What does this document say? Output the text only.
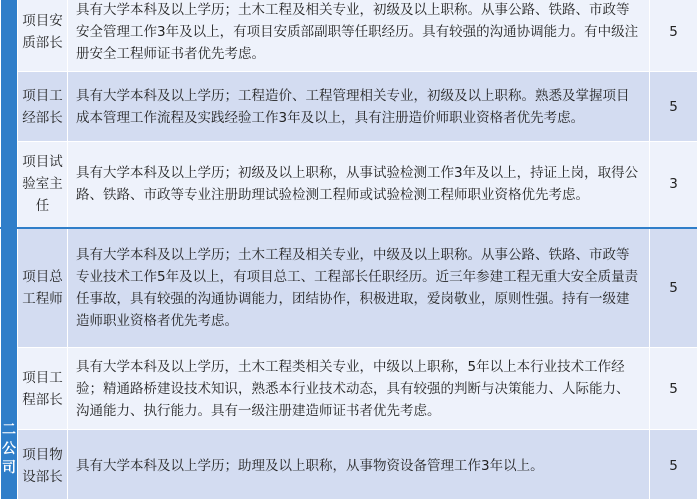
	项目安质部长	具有大学本科及以上学历；土木工程及相关专业，初级及以上职称。从事公路、铁路、市政等安全管理工作3年及以上，有项目安质部副职等任职经历。具有较强的沟通协调能力。有中级注册安全工程师证书者优先考虑。	5
	项目工经部长	具有大学本科及以上学历；工程造价、工程管理相关专业，初级及以上职称。熟悉及掌握项目成本管理工作流程及实践经验工作3年及以上，具有注册造价师职业资格者优先考虑。	5
	项目试验室主任	具有大学本科及以上学历；初级及以上职称，从事试验检测工作3年及以上，持证上岗，取得公路、铁路、市政等专业注册助理试验检测工程师或试验检测工程师职业资格优先考虑。	3
二公司	项目总工程师	具有大学本科及以上学历；土木工程及相关专业，中级及以上职称。从事公路、铁路、市政等专业技术工作5年及以上，有项目总工、工程部长任职经历。近三年参建工程无重大安全质量责任事故，具有较强的沟通协调能力，团结协作，积极进取，爱岗敬业，原则性强。持有一级建造师职业资格者优先考虑。	5
	项目工程部长	具有大学本科及以上学历，土木工程类相关专业，中级以上职称，5年以上本行业技术工作经验；精通路桥建设技术知识，熟悉本行业技术动态，具有较强的判断与决策能力、人际能力、沟通能力、执行能力。具有一级注册建造师证书者优先考虑。	5
	项目物设部长	具有大学本科及以上学历；助理及以上职称，从事物资设备管理工作3年以上。	5
